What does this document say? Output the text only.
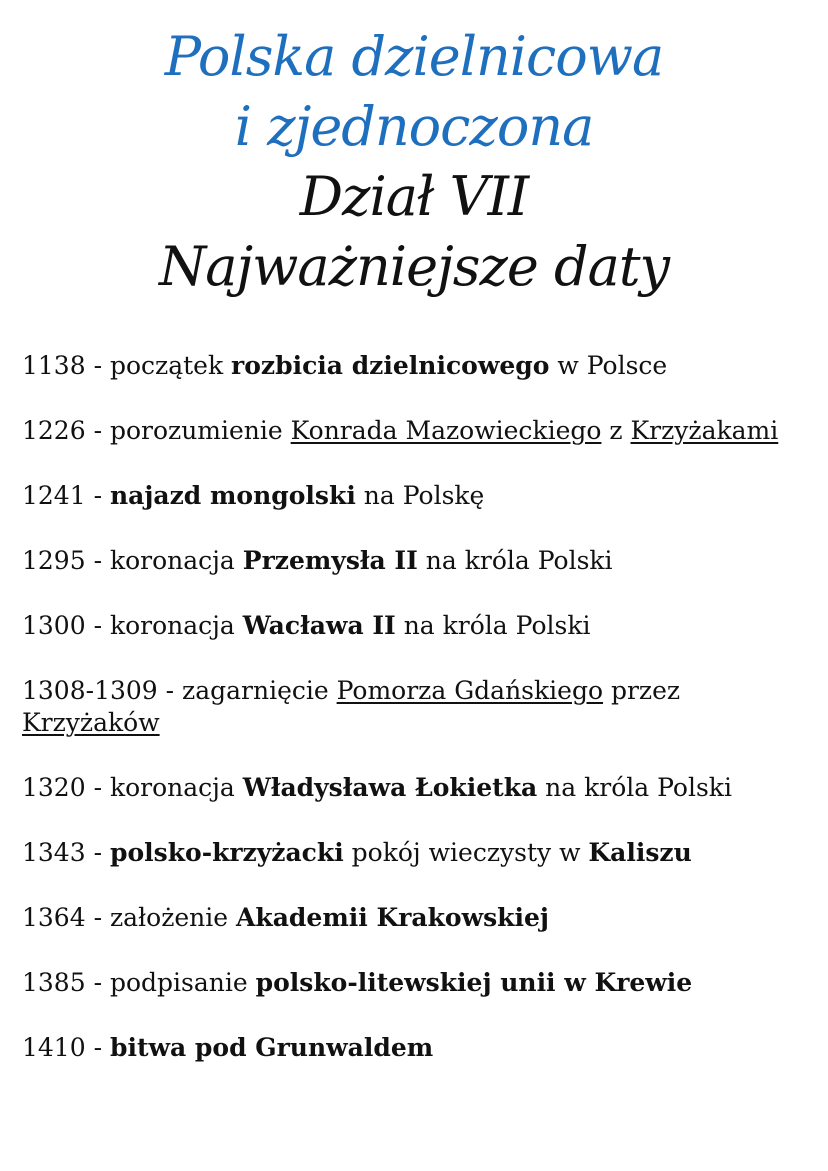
Polska dzielnicowa
i zjednoczona
Dział VII
Najważniejsze daty
1138 - początek rozbicia dzielnicowego w Polsce
1226 - porozumienie Konrada Mazowieckiego z Krzyżakami
1241 - najazd mongolski na Polskę
1295 - koronacja Przemysła II na króla Polski
1300 - koronacja Wacława II na króla Polski
1308-1309 - zagarnięcie Pomorza Gdańskiego przez Krzyżaków
1320 - koronacja Władysława Łokietka na króla Polski
1343 - polsko-krzyżacki pokój wieczysty w Kaliszu
1364 - założenie Akademii Krakowskiej
1385 - podpisanie polsko-litewskiej unii w Krewie
1410 - bitwa pod Grunwaldem
